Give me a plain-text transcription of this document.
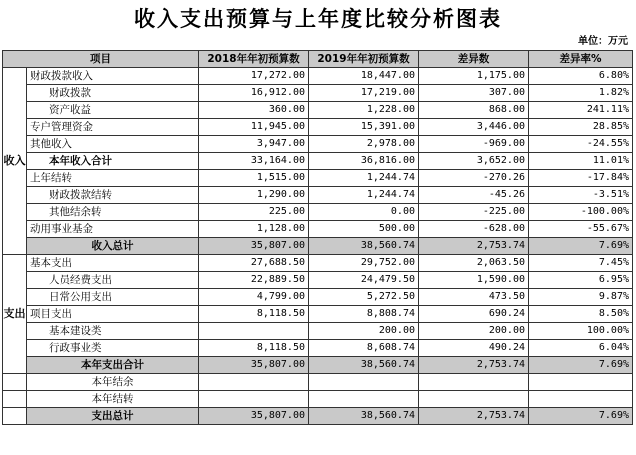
收入支出预算与上年度比较分析图表
单位：万元
项目		2018年年初预算数	2019年年初预算数	差异数	差异率%
收入	财政拨款收入	17,272.00	18,447.00	1,175.00	6.80%
	财政拨款	16,912.00	17,219.00	307.00	1.82%
	资产收益	360.00	1,228.00	868.00	241.11%
	专户管理资金	11,945.00	15,391.00	3,446.00	28.85%
	其他收入	3,947.00	2,978.00	-969.00	-24.55%
	本年收入合计	33,164.00	36,816.00	3,652.00	11.01%
	上年结转	1,515.00	1,244.74	-270.26	-17.84%
	财政拨款结转	1,290.00	1,244.74	-45.26	-3.51%
	其他结余转	225.00	0.00	-225.00	-100.00%
	动用事业基金	1,128.00	500.00	-628.00	-55.67%
	收入总计	35,807.00	38,560.74	2,753.74	7.69%
支出	基本支出	27,688.50	29,752.00	2,063.50	7.45%
	人员经费支出	22,889.50	24,479.50	1,590.00	6.95%
	日常公用支出	4,799.00	5,272.50	473.50	9.87%
	项目支出	8,118.50	8,808.74	690.24	8.50%
	基本建设类		200.00	200.00	100.00%
	行政事业类	8,118.50	8,608.74	490.24	6.04%
	本年支出合计	35,807.00	38,560.74	2,753.74	7.69%
	本年结余				
	本年结转				
	支出总计	35,807.00	38,560.74	2,753.74	7.69%
